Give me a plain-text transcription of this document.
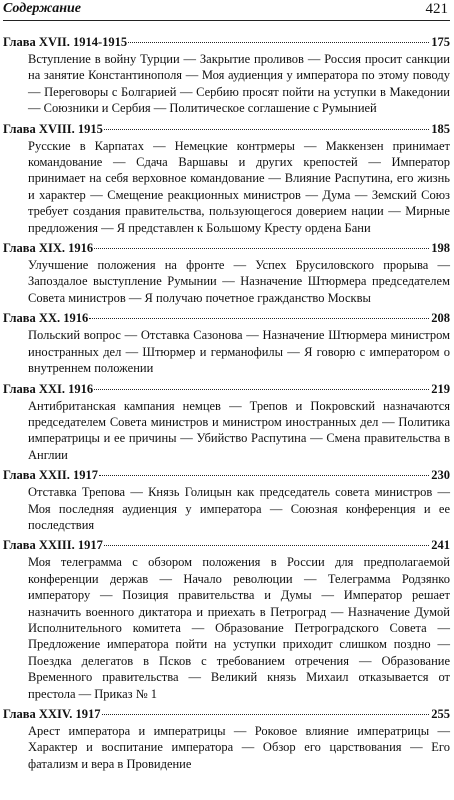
Содержание	421
Глава XVII. 1914-1915	175
Вступление в войну Турции — Закрытие проливов — Россия просит санкции на занятие Константинополя — Моя аудиенция у императора по этому поводу — Переговоры с Болгарией — Сербию просят пойти на уступки в Македонии — Союзники и Сербия — Политическое соглашение с Румынией
Глава XVIII. 1915	185
Русские в Карпатах — Немецкие контрмеры — Маккензен принимает командование — Сдача Варшавы и других крепостей — Император принимает на себя верховное командование — Влияние Распутина, его жизнь и характер — Смещение реакционных министров — Дума — Земский Союз требует создания правительства, пользующегося доверием нации — Мирные предложения — Я представлен к Большому Кресту ордена Бани
Глава XIX. 1916	198
Улучшение положения на фронте — Успех Брусиловского прорыва — Запоздалое выступление Румынии — Назначение Штюрмера председателем Совета министров — Я получаю почетное гражданство Москвы
Глава XX. 1916	208
Польский вопрос — Отставка Сазонова — Назначение Штюрмера министром иностранных дел — Штюрмер и германофилы — Я говорю с императором о внутреннем положении
Глава XXI. 1916	219
Антибританская кампания немцев — Трепов и Покровский назначаются председателем Совета министров и министром иностранных дел — Политика императрицы и ее причины — Убийство Распутина — Смена правительства в Англии
Глава XXII. 1917	230
Отставка Трепова — Князь Голицын как председатель совета министров — Моя последняя аудиенция у императора — Союзная конференция и ее последствия
Глава XXIII. 1917	241
Моя телеграмма с обзором положения в России для предполагаемой конференции держав — Начало революции — Телеграмма Родзянко императору — Позиция правительства и Думы — Император решает назначить военного диктатора и приехать в Петроград — Назначение Думой Исполнительного комитета — Образование Петроградского Совета — Предложение императора пойти на уступки приходит слишком поздно — Поездка делегатов в Псков с требованием отречения — Образование Временного правительства — Великий князь Михаил отказывается от престола — Приказ № 1
Глава XXIV. 1917	255
Арест императора и императрицы — Роковое влияние императрицы — Характер и воспитание императора — Обзор его царствования — Его фатализм и вера в Провидение
